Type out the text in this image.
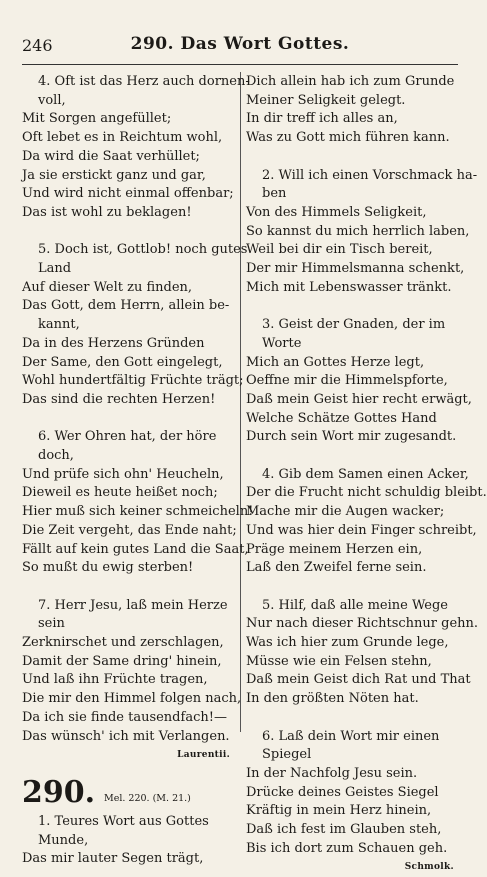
246	290. Das Wort Gottes.
4. Oft ist das Herz auch dornen-
voll,
Mit Sorgen angefüllet;
Oft lebet es in Reichtum wohl,
Da wird die Saat verhüllet;
Ja sie erstickt ganz und gar,
Und wird nicht einmal offenbar;
Das ist wohl zu beklagen!
5. Doch ist, Gottlob! noch gutes
Land
Auf dieser Welt zu finden,
Das Gott, dem Herrn, allein be-
kannt,
Da in des Herzens Gründen
Der Same, den Gott eingelegt,
Wohl hundertfältig Früchte trägt;
Das sind die rechten Herzen!
6. Wer Ohren hat, der höre
doch,
Und prüfe sich ohn' Heucheln,
Dieweil es heute heißet noch;
Hier muß sich keiner schmeicheln!
Die Zeit vergeht, das Ende naht;
Fällt auf kein gutes Land die Saat,
So mußt du ewig sterben!
7. Herr Jesu, laß mein Herze
sein
Zerknirschet und zerschlagen,
Damit der Same dring' hinein,
Und laß ihn Früchte tragen,
Die mir den Himmel folgen nach,
Da ich sie finde tausendfach!—
Das wünsch' ich mit Verlangen.
Laurentii.
290. Mel. 220. (M. 21.)
1. Teures Wort aus Gottes
Munde,
Das mir lauter Segen trägt,
Dich allein hab ich zum Grunde
Meiner Seligkeit gelegt.
In dir treff ich alles an,
Was zu Gott mich führen kann.
2. Will ich einen Vorschmack ha-
ben
Von des Himmels Seligkeit,
So kannst du mich herrlich laben,
Weil bei dir ein Tisch bereit,
Der mir Himmelsmanna schenkt,
Mich mit Lebenswasser tränkt.
3. Geist der Gnaden, der im
Worte
Mich an Gottes Herze legt,
Oeffne mir die Himmelspforte,
Daß mein Geist hier recht erwägt,
Welche Schätze Gottes Hand
Durch sein Wort mir zugesandt.
4. Gib dem Samen einen Acker,
Der die Frucht nicht schuldig bleibt.
Mache mir die Augen wacker;
Und was hier dein Finger schreibt,
Präge meinem Herzen ein,
Laß den Zweifel ferne sein.
5. Hilf, daß alle meine Wege
Nur nach dieser Richtschnur gehn.
Was ich hier zum Grunde lege,
Müsse wie ein Felsen stehn,
Daß mein Geist dich Rat und That
In den größten Nöten hat.
6. Laß dein Wort mir einen
Spiegel
In der Nachfolg Jesu sein.
Drücke deines Geistes Siegel
Kräftig in mein Herz hinein,
Daß ich fest im Glauben steh,
Bis ich dort zum Schauen geh.
Schmolk.
